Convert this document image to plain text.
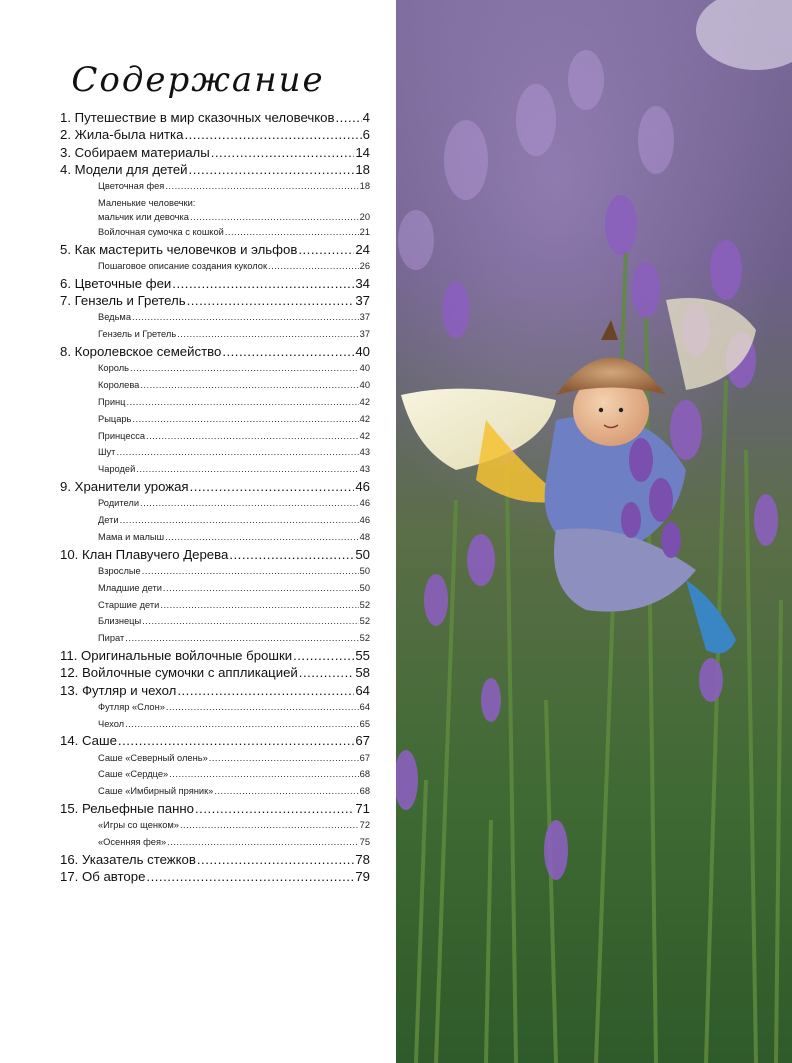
Содержание
1. Путешествие в мир сказочных человечков ..... 4
2. Жила-была нитка .....	6
3. Собираем материалы .....	14
4. Модели для детей .....	18
Цветочная фея .....	18
Маленькие человечки:
мальчик или девочка .....	20
Войлочная сумочка с кошкой .....	21
5. Как мастерить человечков и эльфов .....	24
Пошаговое описание создания куколок .....	26
6. Цветочные феи .....	34
7. Гензель и Гретель .....	37
Ведьма .....	37
Гензель и Гретель .....	37
8. Королевское семейство .....	40
Король .....	40
Королева .....	40
Принц .....	42
Рыцарь .....	42
Принцесса .....	42
Шут .....	43
Чародей .....	43
9. Хранители урожая .....	46
Родители .....	46
Дети .....	46
Мама и малыш .....	48
10. Клан Плавучего Дерева .....	50
Взрослые .....	50
Младшие дети .....	50
Старшие дети .....	52
Близнецы .....	52
Пират .....	52
11. Оригинальные войлочные брошки .....	55
12. Войлочные сумочки с аппликацией .....	58
13. Футляр и чехол .....	64
Футляр «Слон» .....	64
Чехол .....	65
14. Саше .....	67
Саше «Северный олень» .....	67
Саше «Сердце» .....	68
Саше «Имбирный пряник» .....	68
15. Рельефные панно .....	71
«Игры со щенком» .....	72
«Осенняя фея» .....	75
16. Указатель стежков .....	78
17. Об авторе .....	79
